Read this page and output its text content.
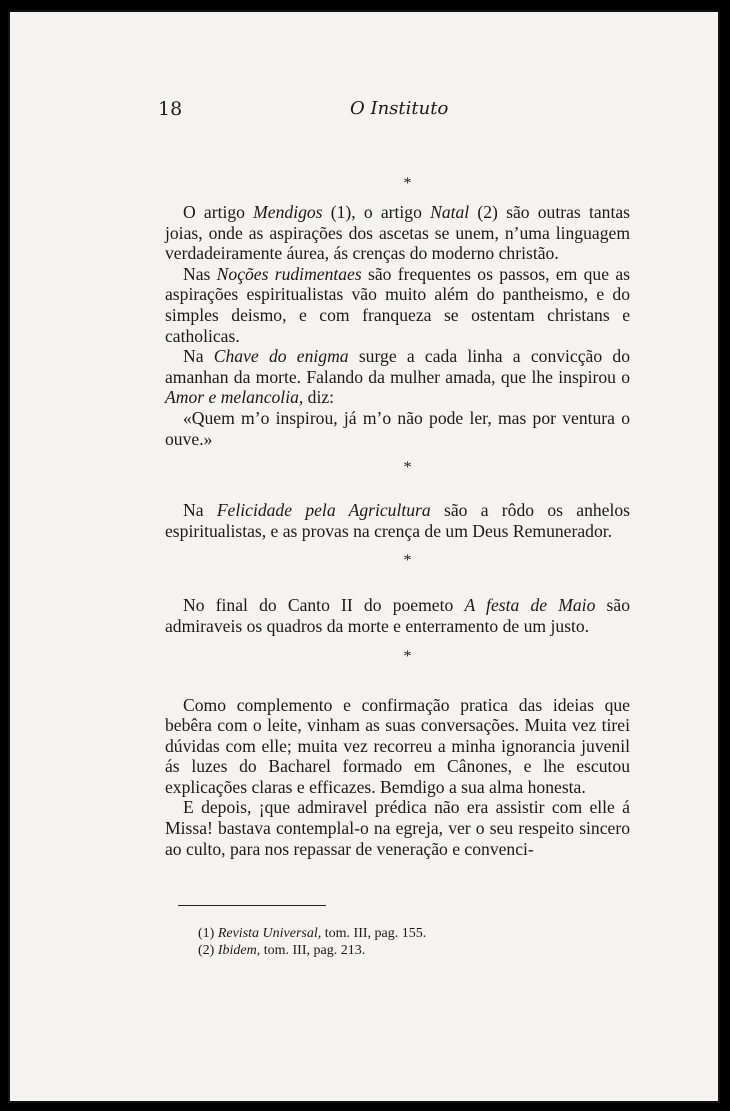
18	O Instituto
*

O artigo Mendigos (1), o artigo Natal (2) são outras tantas joias, onde as aspirações dos ascetas se unem, n’uma linguagem verdadeiramente áurea, ás crenças do moderno christão.

Nas Noções rudimentaes são frequentes os passos, em que as aspirações espiritualistas vão muito além do pantheismo, e do simples deismo, e com franqueza se ostentam christans e catholicas.

Na Chave do enigma surge a cada linha a convicção do amanhan da morte. Falando da mulher amada, que lhe inspirou o Amor e melancolia, diz:

«Quem m’o inspirou, já m’o não pode ler, mas por ventura o ouve.»

*

Na Felicidade pela Agricultura são a rôdo os anhelos espiritualistas, e as provas na crença de um Deus Remunerador.

*

No final do Canto II do poemeto A festa de Maio são admiraveis os quadros da morte e enterramento de um justo.

*

Como complemento e confirmação pratica das ideias que bebêra com o leite, vinham as suas conversações. Muita vez tirei dúvidas com elle; muita vez recorreu a minha ignorancia juvenil ás luzes do Bacharel formado em Cânones, e lhe escutou explicações claras e efficazes. Bemdigo a sua alma honesta.

E depois, ¡que admiravel prédica não era assistir com elle á Missa! bastava contemplal-o na egreja, ver o seu respeito sincero ao culto, para nos repassar de veneração e convenci-

(1) Revista Universal, tom. III, pag. 155.
(2) Ibidem, tom. III, pag. 213.
